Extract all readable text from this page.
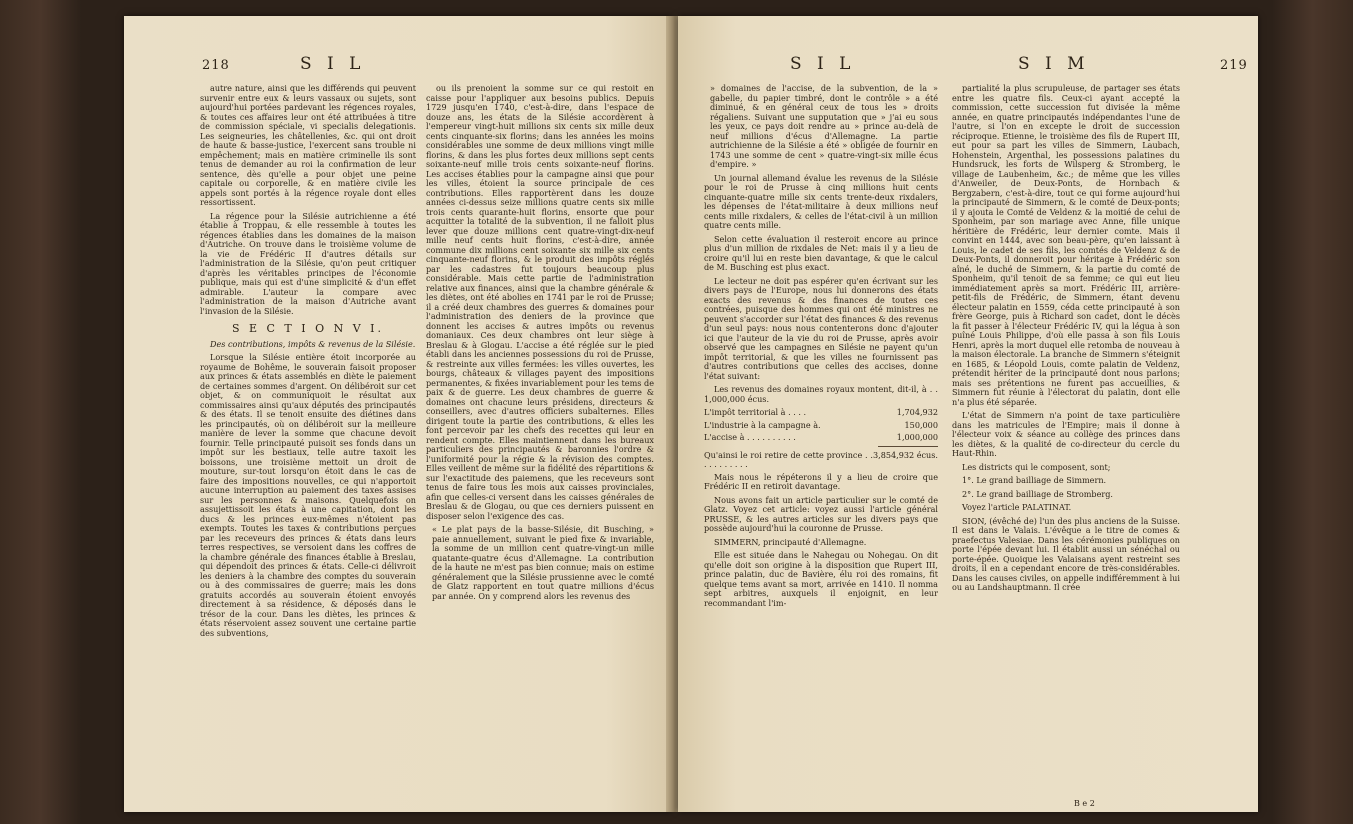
218	S I L

autre nature, ainsi que les différends qui peuvent survenir entre eux & leurs vassaux ou sujets, sont aujourd'hui portées pardevant les régences royales, & toutes ces affaires leur ont été attribuées à titre de commission spéciale, vi specialis delegationis. Les seigneuries, les châtellenies, &c. qui ont droit de haute & basse-justice, l'exercent sans trouble ni empêchement; mais en matière criminelle ils sont tenus de demander au roi la confirmation de leur sentence, dès qu'elle a pour objet une peine capitale ou corporelle, & en matière civile les appels sont portés à la régence royale dont elles ressortissent.

La régence pour la Silésie autrichienne a été établie à Troppau, & elle ressemble à toutes les régences établies dans les domaines de la maison d'Autriche. On trouve dans le troisième volume de la vie de Frédéric II d'autres détails sur l'administration de la Silésie, qu'on peut critiquer d'après les véritables principes de l'économie publique, mais qui est d'une simplicité & d'un effet admirable. L'auteur la compare avec l'administration de la maison d'Autriche avant l'invasion de la Silésie.

S E C T I O N V I.

Des contributions, impôts & revenus de la Silésie.

Lorsque la Silésie entière étoit incorporée au royaume de Bohême, le souverain faisoit proposer aux princes & états assemblés en diète le paiement de certaines sommes d'argent. On délibéroit sur cet objet, & on communiquoit le résultat aux commissaires ainsi qu'aux députés des principautés & des états. Il se tenoit ensuite des diétines dans les principautés, où on délibéroit sur la meilleure manière de lever la somme que chacune devoit fournir. Telle principauté puisoit ses fonds dans un impôt sur les bestiaux, telle autre taxoit les boissons, une troisième mettoit un droit de mouture, sur-tout lorsqu'on étoit dans le cas de faire des impositions nouvelles, ce qui n'apportoit aucune interruption au paiement des taxes assises sur les personnes & maisons. Quelquefois on assujettissoit les états à une capitation, dont les ducs & les princes eux-mêmes n'étoient pas exempts. Toutes les taxes & contributions perçues par les receveurs des princes & états dans leurs terres respectives, se versoient dans les coffres de la chambre générale des finances établie à Breslau, qui dépendoit des princes & états. Celle-ci délivroit les deniers à la chambre des comptes du souverain ou à des commissaires de guerre; mais les dons gratuits accordés au souverain étoient envoyés directement à sa résidence, & déposés dans le trésor de la cour. Dans les diètes, les princes & états réservoient assez souvent une certaine partie des subventions,

ou ils prenoient la somme sur ce qui restoit en caisse pour l'appliquer aux besoins publics. Depuis 1729 jusqu'en 1740, c'est-à-dire, dans l'espace de douze ans, les états de la Silésie accordèrent à l'empereur vingt-huit millions six cents six mille deux cents cinquante-six florins; dans les années les moins considérables une somme de deux millions vingt mille florins, & dans les plus fortes deux millions sept cents soixante-neuf mille trois cents soixante-neuf florins. Les accises établies pour la campagne ainsi que pour les villes, étoient la source principale de ces contributions. Elles rapportèrent dans les douze années ci-dessus seize millions quatre cents six mille trois cents quarante-huit florins, ensorte que pour acquitter la totalité de la subvention, il ne falloit plus lever que douze millions cent quatre-vingt-dix-neuf mille neuf cents huit florins, c'est-à-dire, année commune dix millions cent soixante six mille six cents cinquante-neuf florins, & le produit des impôts réglés par les cadastres fut toujours beaucoup plus considérable. Mais cette partie de l'administration relative aux finances, ainsi que la chambre générale & les diètes, ont été abolies en 1741 par le roi de Prusse; il a créé deux chambres des guerres & domaines pour l'administration des deniers de la province que donnent les accises & autres impôts ou revenus domaniaux. Ces deux chambres ont leur siège à Breslau & à Glogau. L'accise a été réglée sur le pied établi dans les anciennes possessions du roi de Prusse, & restreinte aux villes fermées: les villes ouvertes, les bourgs, châteaux & villages payent des impositions permanentes, & fixées invariablement pour les tems de paix & de guerre. Les deux chambres de guerre & domaines ont chacune leurs présidens, directeurs & conseillers, avec d'autres officiers subalternes. Elles dirigent toute la partie des contributions, & elles les font percevoir par les chefs des recettes qui leur en rendent compte. Elles maintiennent dans les bureaux particuliers des principautés & baronnies l'ordre & l'uniformité pour la régie & la révision des comptes. Elles veillent de même sur la fidélité des répartitions & sur l'exactitude des paiemens, que les receveurs sont tenus de faire tous les mois aux caisses provinciales, afin que celles-ci versent dans les caisses générales de Breslau & de Glogau, ou que ces derniers puissent en disposer selon l'exigence des cas.

« Le plat pays de la basse-Silésie, dit Busching, » paie annuellement, suivant le pied fixe & invariable, la somme de un million cent quatre-vingt-un mille quatante-quatre écus d'Allemagne. La contribution de la haute ne m'est pas bien connue; mais on estime généralement que la Silésie prussienne avec le comté de Glatz rapportent en tout quatre millions d'écus par année. On y comprend alors les revenus des

S I L	S I M	219

» domaines de l'accise, de la subvention, de la » gabelle, du papier timbré, dont le contrôle » a été diminué, & en général ceux de tous les » droits régaliens. Suivant une supputation que » j'ai eu sous les yeux, ce pays doit rendre au » prince au-delà de neuf millions d'écus d'Allemagne. La partie autrichienne de la Silésie a été » obligée de fournir en 1743 une somme de cent » quatre-vingt-six mille écus d'empire. »

Un journal allemand évalue les revenus de la Silésie pour le roi de Prusse à cinq millions huit cents cinquante-quatre mille six cents trente-deux rixdalers, les dépenses de l'état-militaire à deux millions neuf cents mille rixdalers, & celles de l'état-civil à un million quatre cents mille.

Selon cette évaluation il resteroit encore au prince plus d'un million de rixdales de Net: mais il y a lieu de croire qu'il lui en reste bien davantage, & que le calcul de M. Busching est plus exact.

Le lecteur ne doit pas espérer qu'en écrivant sur les divers pays de l'Europe, nous lui donnerons des états exacts des revenus & des finances de toutes ces contrées, puisque des hommes qui ont été ministres ne peuvent s'accorder sur l'état des finances & des revenus d'un seul pays: nous nous contenterons donc d'ajouter ici que l'auteur de la vie du roi de Prusse, après avoir observé que les campagnes en Silésie ne payent qu'un impôt territorial, & que les villes ne fournissent pas d'autres contributions que celles des accises, donne l'état suivant:

Les revenus des domaines royaux montent, dit-il, à . . 1,000,000 écus.

L'impôt territorial à . . . .	1,704,932
L'industrie à la campagne à.	150,000
L'accise à . . . . . . . . . .	1,000,000
Qu'ainsi le roi retire de cette province . . . . . . . . . . .
3,854,932 écus.

Mais nous le répéterons il y a lieu de croire que Frédéric II en retiroit davantage.

Nous avons fait un article particulier sur le comté de Glatz. Voyez cet article: voyez aussi l'article général PRUSSE, & les autres articles sur les divers pays que possède aujourd'hui la couronne de Prusse.

SIMMERN, principauté d'Allemagne.

Elle est située dans le Nahegau ou Nohegau. On dit qu'elle doit son origine à la disposition que Rupert III, prince palatin, duc de Bavière, élu roi des romains, fit quelque tems avant sa mort, arrivée en 1410. Il nomma sept arbitres, auxquels il enjoignit, en leur recommandant l'im-

partialité la plus scrupuleuse, de partager ses états entre les quatre fils. Ceux-ci ayant accepté la commission, cette succession fut divisée la même année, en quatre principautés indépendantes l'une de l'autre, si l'on en excepte le droit de succession réciproque. Etienne, le troisième des fils de Rupert III, eut pour sa part les villes de Simmern, Laubach, Hohenstein, Argenthal, les possessions palatines du Hundsruck, les forts de Wilsperg & Stromberg, le village de Laubenheim, &c.; de même que les villes d'Anweiler, de Deux-Ponts, de Hornbach & Bergzabern, c'est-à-dire, tout ce qui forme aujourd'hui la principauté de Simmern, & le comté de Deux-ponts; il y ajouta le Comté de Veldenz & la moitié de celui de Sponheim, par son mariage avec Anne, fille unique héritière de Frédéric, leur dernier comte. Mais il convint en 1444, avec son beau-père, qu'en laissant à Louis, le cadet de ses fils, les comtés de Veldenz & de Deux-Ponts, il donneroit pour héritage à Frédéric son aîné, le duché de Simmern, & la partie du comté de Sponheim, qu'il tenoit de sa femme; ce qui eut lieu immédiatement après sa mort. Frédéric III, arrière-petit-fils de Frédéric, de Simmern, étant devenu électeur palatin en 1559, céda cette principauté à son frère George, puis à Richard son cadet, dont le décès la fit passer à l'électeur Frédéric IV, qui la légua à son puîné Louis Philippe, d'où elle passa à son fils Louis Henri, après la mort duquel elle retomba de nouveau à la maison électorale. La branche de Simmern s'éteignit en 1685, & Léopold Louis, comte palatin de Veldenz, prétendit hériter de la principauté dont nous parlons; mais ses prétentions ne furent pas accueillies, & Simmern fut réunie à l'électorat du palatin, dont elle n'a plus été séparée.

L'état de Simmern n'a point de taxe particulière dans les matricules de l'Empire; mais il donne à l'électeur voix & séance au collège des princes dans les diètes, & la qualité de co-directeur du cercle du Haut-Rhin.

Les districts qui le composent, sont;

1°. Le grand bailliage de Simmern.

2°. Le grand bailliage de Stromberg.

Voyez l'article PALATINAT.

SION, (évêché de) l'un des plus anciens de la Suisse. Il est dans le Valais. L'évêque a le titre de comes & praefectus Valesiae. Dans les cérémonies publiques on porte l'épée devant lui. Il établit aussi un sénéchal ou porte-épée. Quoique les Valaisans ayent restreint ses droits, il en a cependant encore de très-considérables. Dans les causes civiles, on appelle indifféremment à lui ou au Landshauptmann. Il crée

B e 2
